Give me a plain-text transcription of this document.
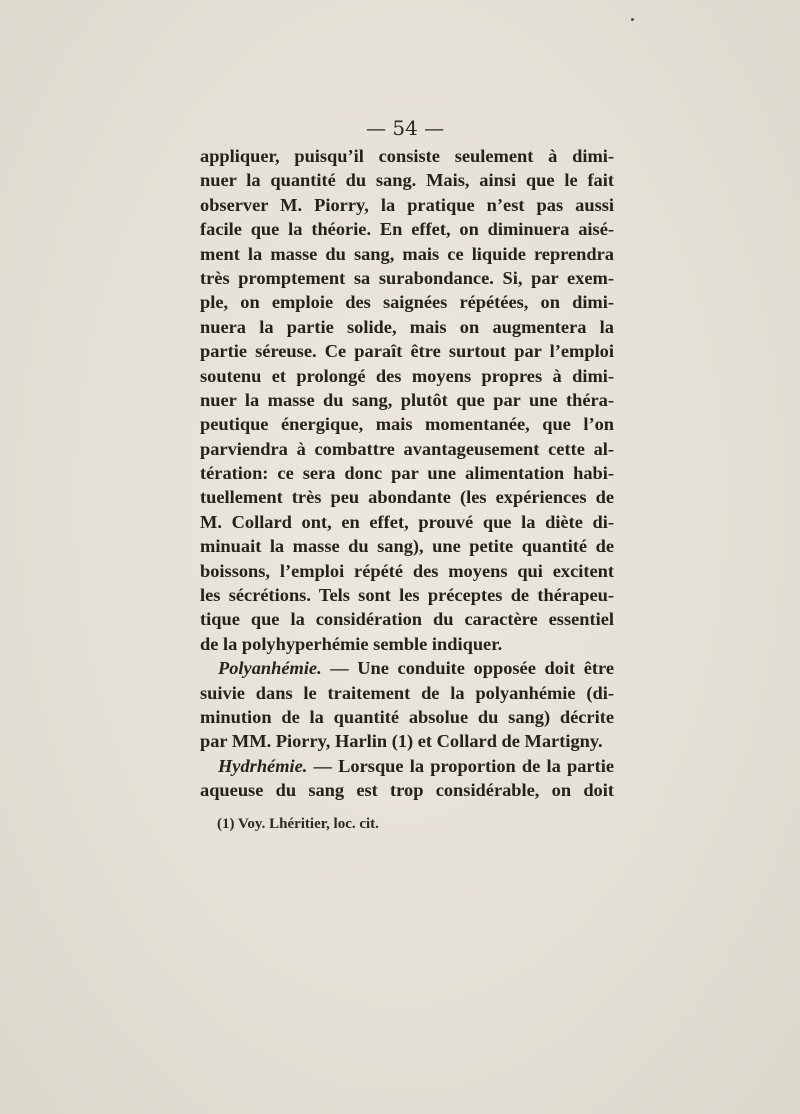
— 54 —
appliquer, puisqu’il consiste seulement à dimi-
nuer la quantité du sang. Mais, ainsi que le fait
observer M. Piorry, la pratique n’est pas aussi
facile que la théorie. En effet, on diminuera aisé-
ment la masse du sang, mais ce liquide reprendra
très promptement sa surabondance. Si, par exem-
ple, on emploie des saignées répétées, on dimi-
nuera la partie solide, mais on augmentera la
partie séreuse. Ce paraît être surtout par l’emploi
soutenu et prolongé des moyens propres à dimi-
nuer la masse du sang, plutôt que par une théra-
peutique énergique, mais momentanée, que l’on
parviendra à combattre avantageusement cette al-
tération: ce sera donc par une alimentation habi-
tuellement très peu abondante (les expériences de
M. Collard ont, en effet, prouvé que la diète di-
minuait la masse du sang), une petite quantité de
boissons, l’emploi répété des moyens qui excitent
les sécrétions. Tels sont les préceptes de thérapeu-
tique que la considération du caractère essentiel
de la polyhyperhémie semble indiquer.
Polyanhémie. — Une conduite opposée doit être
suivie dans le traitement de la polyanhémie (di-
minution de la quantité absolue du sang) décrite
par MM. Piorry, Harlin (1) et Collard de Martigny.
Hydrhémie. — Lorsque la proportion de la partie
aqueuse du sang est trop considérable, on doit
(1) Voy. Lhéritier, loc. cit.
